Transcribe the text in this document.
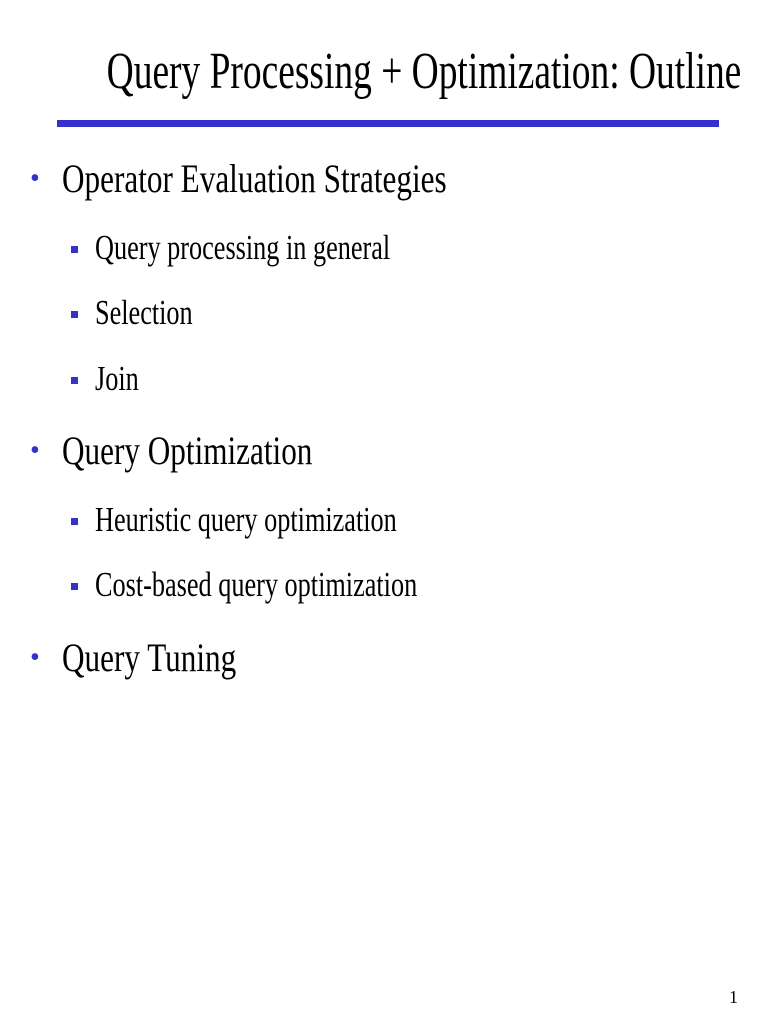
Query Processing + Optimization: Outline
• Operator Evaluation Strategies
Query processing in general
Selection
Join
• Query Optimization
Heuristic query optimization
Cost-based query optimization
• Query Tuning
1
